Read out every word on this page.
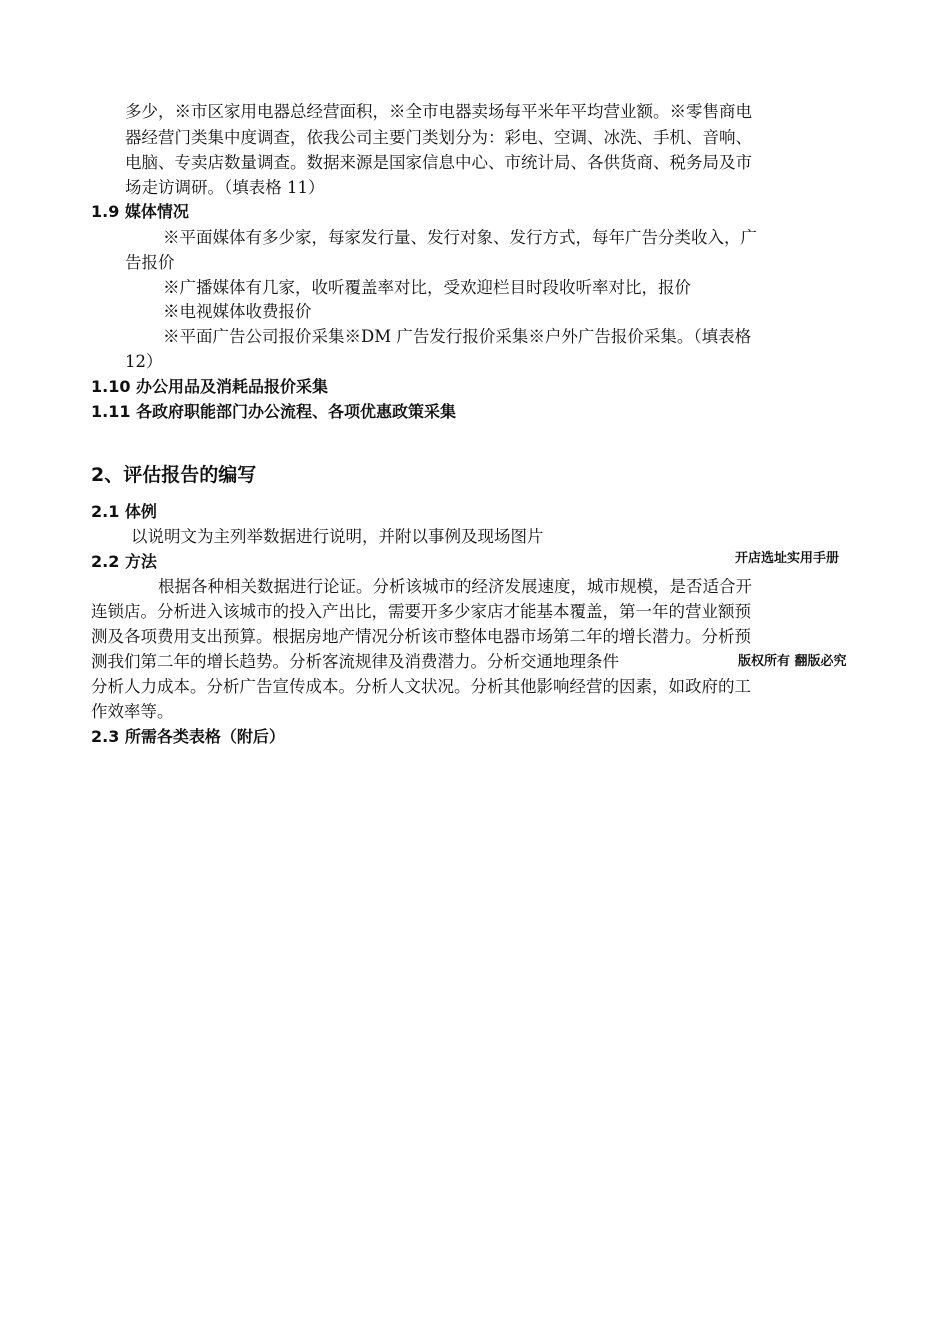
多少，※市区家用电器总经营面积，※全市电器卖场每平米年平均营业额。※零售商电
器经营门类集中度调查，依我公司主要门类划分为：彩电、空调、冰洗、手机、音响、
电脑、专卖店数量调查。数据来源是国家信息中心、市统计局、各供货商、税务局及市
场走访调研。（填表格 11）
1.9 媒体情况
※平面媒体有多少家，每家发行量、发行对象、发行方式，每年广告分类收入，广
告报价
※广播媒体有几家，收听覆盖率对比，受欢迎栏目时段收听率对比，报价
※电视媒体收费报价
※平面广告公司报价采集※DM 广告发行报价采集※户外广告报价采集。（填表格
12）
1.10 办公用品及消耗品报价采集
1.11 各政府职能部门办公流程、各项优惠政策采集
2、评估报告的编写
2.1 体例
以说明文为主列举数据进行说明，并附以事例及现场图片
2.2 方法
根据各种相关数据进行论证。分析该城市的经济发展速度，城市规模，是否适合开
连锁店。分析进入该城市的投入产出比，需要开多少家店才能基本覆盖，第一年的营业额预
测及各项费用支出预算。根据房地产情况分析该市整体电器市场第二年的增长潜力。分析预
测我们第二年的增长趋势。分析客流规律及消费潜力。分析交通地理条件
分析人力成本。分析广告宣传成本。分析人文状况。分析其他影响经营的因素，如政府的工
作效率等。
2.3 所需各类表格（附后）
开店选址实用手册
版权所有 翻版必究
